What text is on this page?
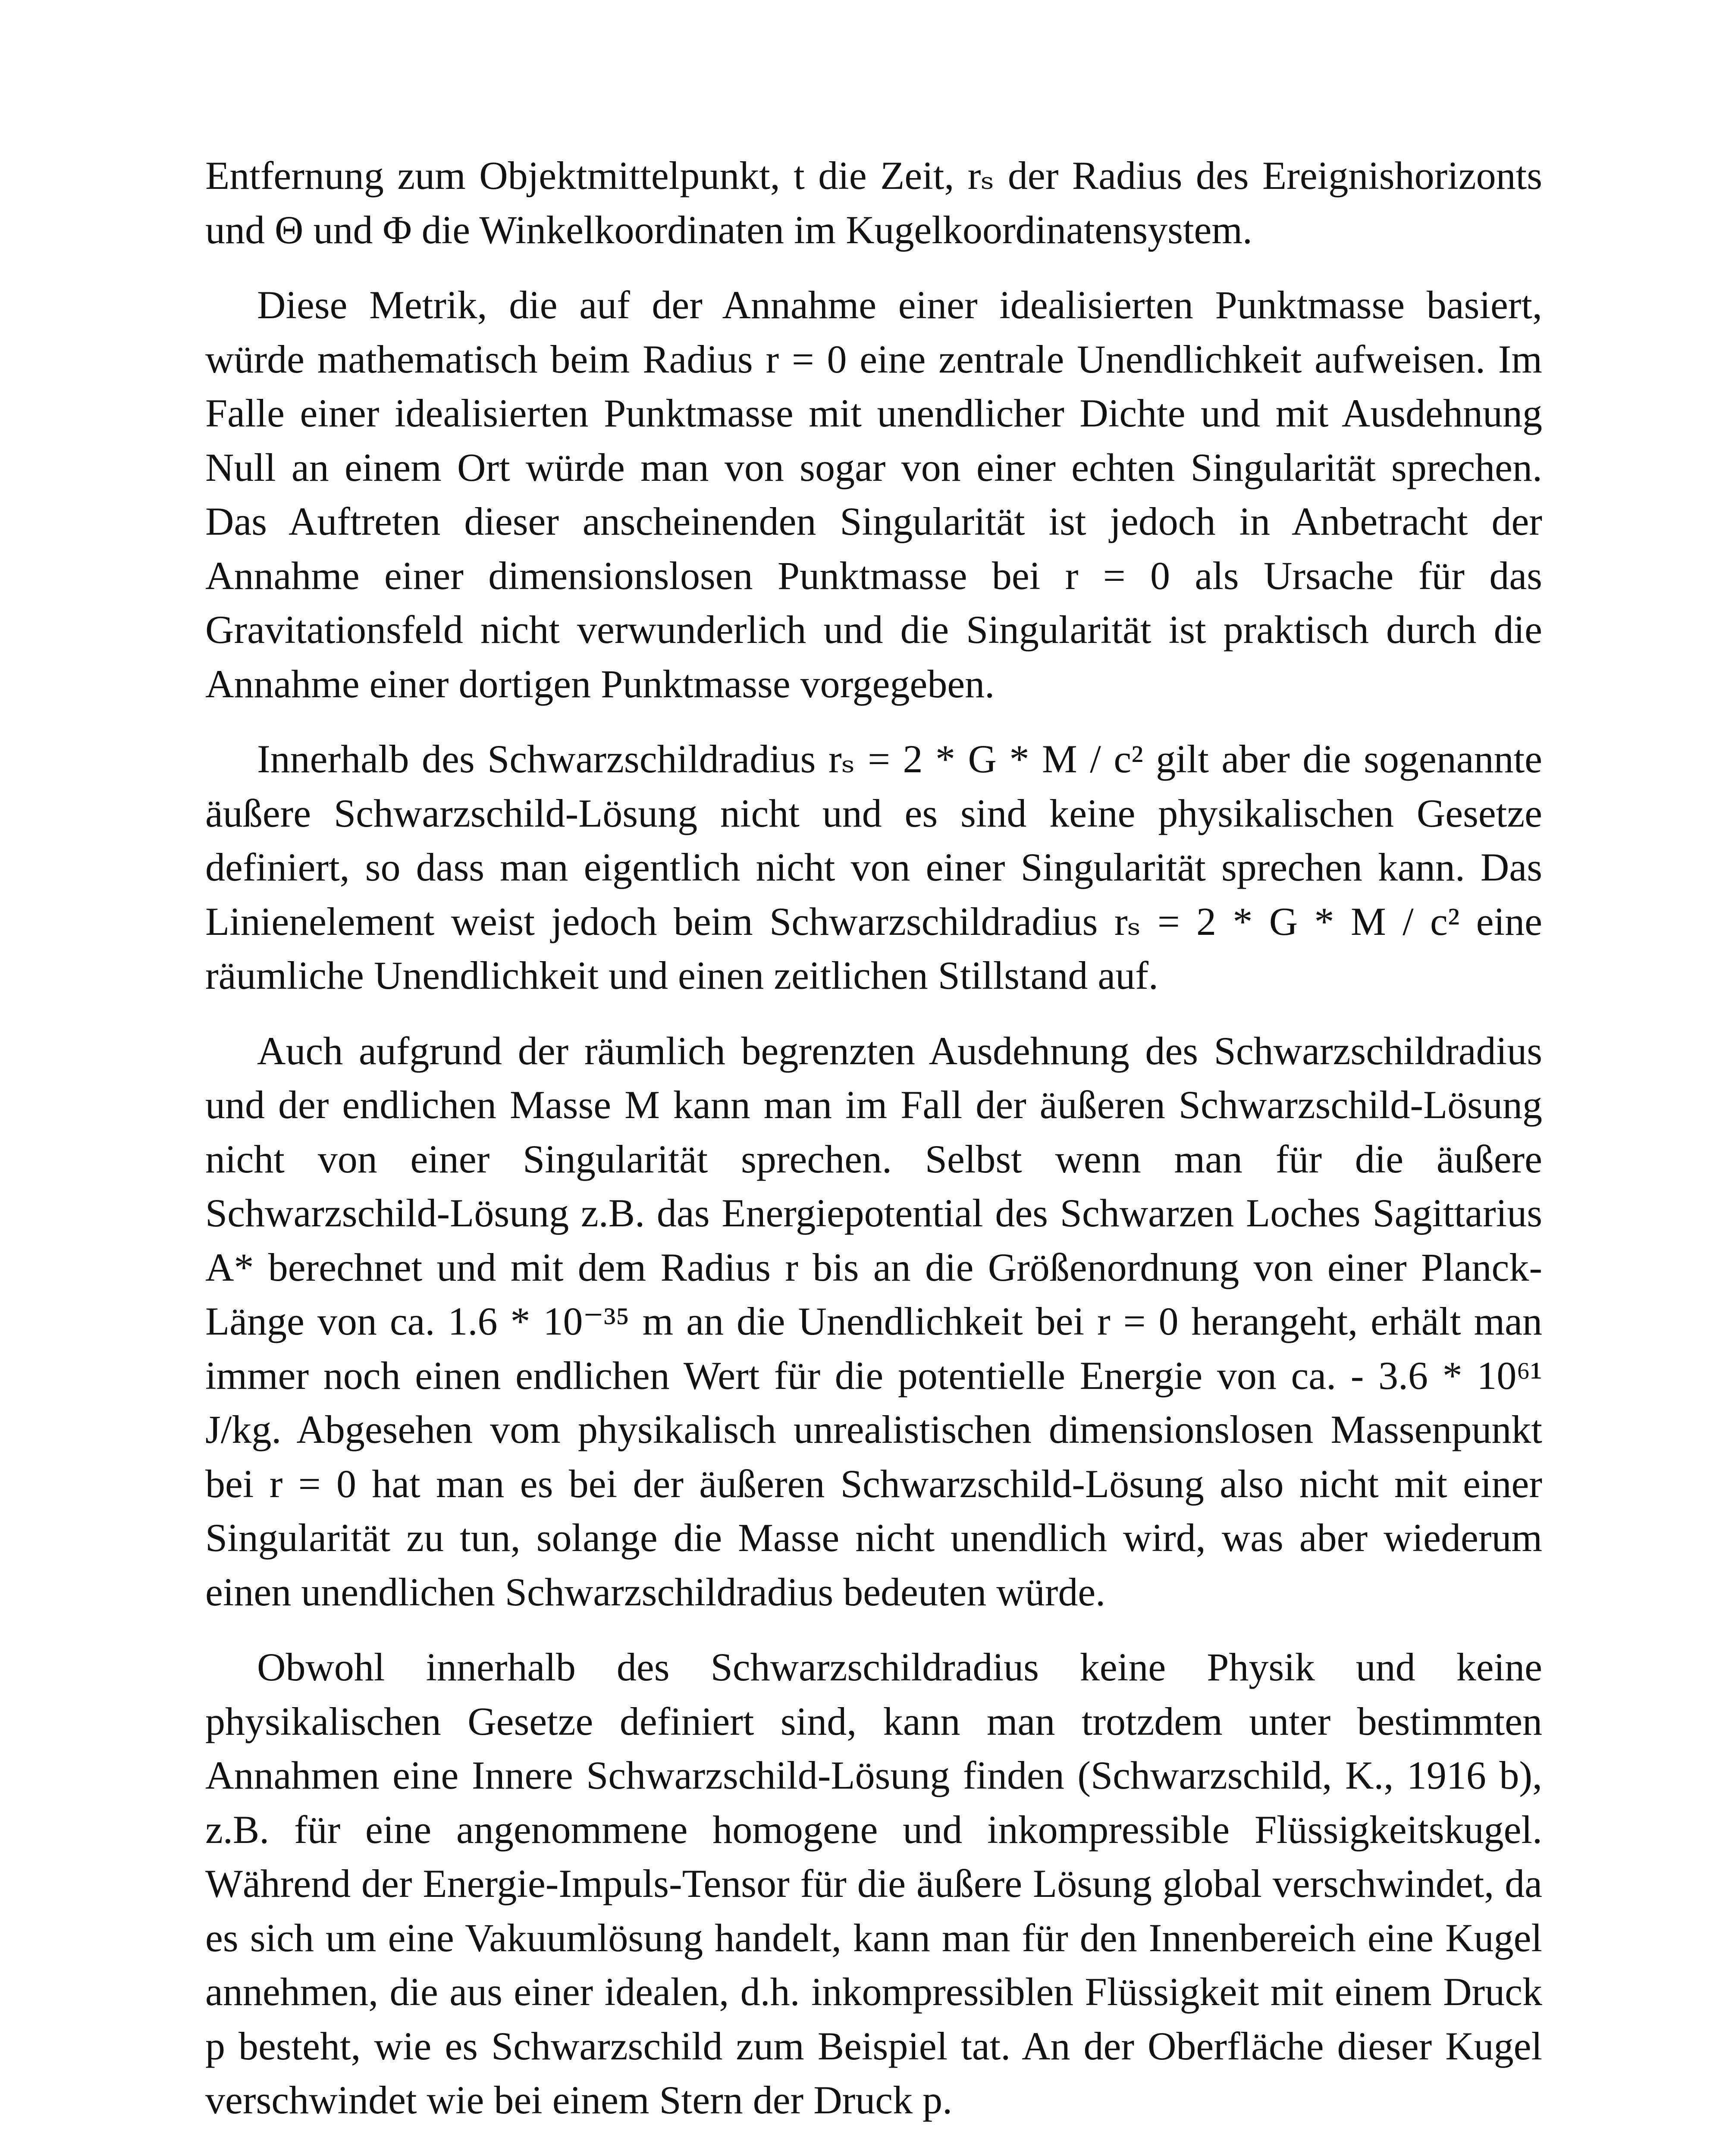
Entfernung zum Objektmittelpunkt, t die Zeit, rₛ der Radius des Ereignishorizonts und Θ und Φ die Winkelkoordinaten im Kugelkoordinatensystem.

Diese Metrik, die auf der Annahme einer idealisierten Punktmasse basiert, würde mathematisch beim Radius r = 0 eine zentrale Unendlichkeit aufweisen. Im Falle einer idealisierten Punktmasse mit unendlicher Dichte und mit Ausdehnung Null an einem Ort würde man von sogar von einer echten Singularität sprechen. Das Auftreten dieser anscheinenden Singularität ist jedoch in Anbetracht der Annahme einer dimensionslosen Punktmasse bei r = 0 als Ursache für das Gravitationsfeld nicht verwunderlich und die Singularität ist praktisch durch die Annahme einer dortigen Punktmasse vorgegeben.

Innerhalb des Schwarzschildradius rₛ = 2 * G * M / c² gilt aber die sogenannte äußere Schwarzschild-Lösung nicht und es sind keine physikalischen Gesetze definiert, so dass man eigentlich nicht von einer Singularität sprechen kann. Das Linienelement weist jedoch beim Schwarzschildradius rₛ = 2 * G * M / c² eine räumliche Unendlichkeit und einen zeitlichen Stillstand auf.

Auch aufgrund der räumlich begrenzten Ausdehnung des Schwarzschildradius und der endlichen Masse M kann man im Fall der äußeren Schwarzschild-Lösung nicht von einer Singularität sprechen. Selbst wenn man für die äußere Schwarzschild-Lösung z.B. das Energiepotential des Schwarzen Loches Sagittarius A* berechnet und mit dem Radius r bis an die Größenordnung von einer Planck-Länge von ca. 1.6 * 10⁻³⁵ m an die Unendlichkeit bei r = 0 herangeht, erhält man immer noch einen endlichen Wert für die potentielle Energie von ca. - 3.6 * 10⁶¹ J/kg. Abgesehen vom physikalisch unrealistischen dimensionslosen Massenpunkt bei r = 0 hat man es bei der äußeren Schwarzschild-Lösung also nicht mit einer Singularität zu tun, solange die Masse nicht unendlich wird, was aber wiederum einen unendlichen Schwarzschildradius bedeuten würde.

Obwohl innerhalb des Schwarzschildradius keine Physik und keine physikalischen Gesetze definiert sind, kann man trotzdem unter bestimmten Annahmen eine Innere Schwarzschild-Lösung finden (Schwarzschild, K., 1916 b), z.B. für eine angenommene homogene und inkompressible Flüssigkeitskugel. Während der Energie-Impuls-Tensor für die äußere Lösung global verschwindet, da es sich um eine Vakuumlösung handelt, kann man für den Innenbereich eine Kugel annehmen, die aus einer idealen, d.h. inkompressiblen Flüssigkeit mit einem Druck p besteht, wie es Schwarzschild zum Beispiel tat. An der Oberfläche dieser Kugel verschwindet wie bei einem Stern der Druck p.
